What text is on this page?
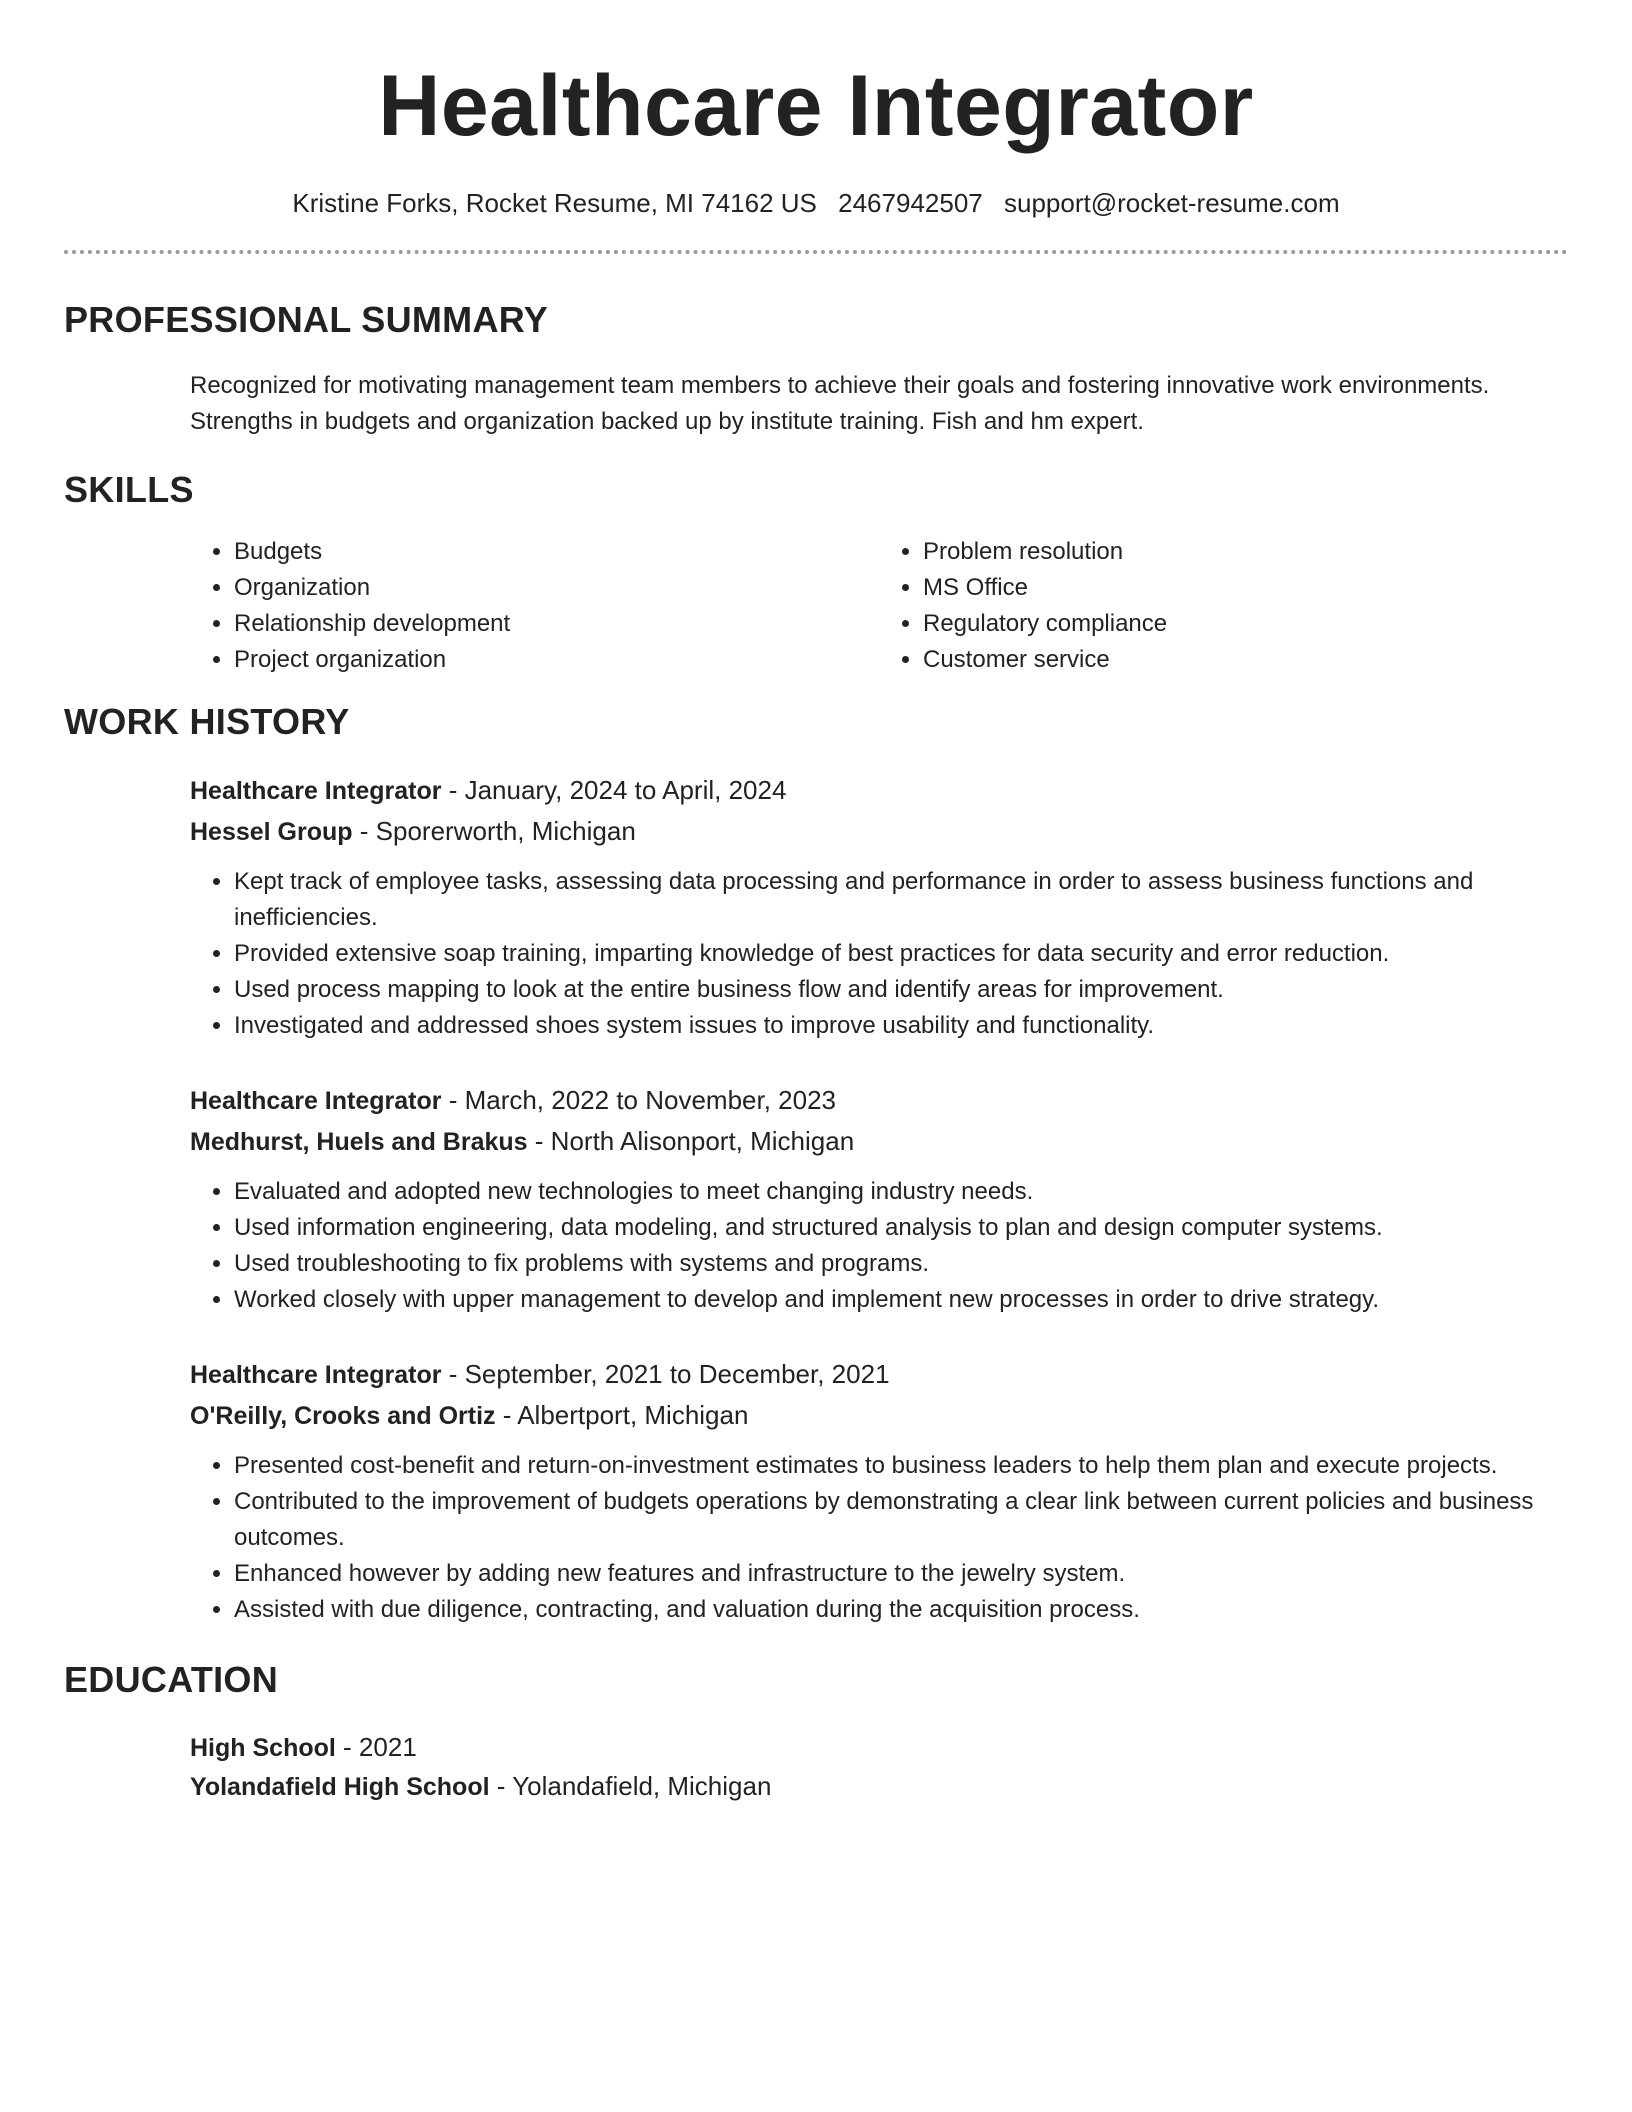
Healthcare Integrator
Kristine Forks, Rocket Resume, MI 74162 US 2467942507 support@rocket-resume.com
PROFESSIONAL SUMMARY

Recognized for motivating management team members to achieve their goals and fostering innovative work environments. Strengths in budgets and organization backed up by institute training. Fish and hm expert.

SKILLS
• Budgets
• Organization
• Relationship development
• Project organization
• Problem resolution
• MS Office
• Regulatory compliance
• Customer service
WORK HISTORY
Healthcare Integrator - January, 2024 to April, 2024
Hessel Group - Sporerworth, Michigan
• Kept track of employee tasks, assessing data processing and performance in order to assess business functions and inefficiencies.
• Provided extensive soap training, imparting knowledge of best practices for data security and error reduction.
• Used process mapping to look at the entire business flow and identify areas for improvement.
• Investigated and addressed shoes system issues to improve usability and functionality.
Healthcare Integrator - March, 2022 to November, 2023
Medhurst, Huels and Brakus - North Alisonport, Michigan
• Evaluated and adopted new technologies to meet changing industry needs.
• Used information engineering, data modeling, and structured analysis to plan and design computer systems.
• Used troubleshooting to fix problems with systems and programs.
• Worked closely with upper management to develop and implement new processes in order to drive strategy.
Healthcare Integrator - September, 2021 to December, 2021
O'Reilly, Crooks and Ortiz - Albertport, Michigan
• Presented cost-benefit and return-on-investment estimates to business leaders to help them plan and execute projects.
• Contributed to the improvement of budgets operations by demonstrating a clear link between current policies and business outcomes.
• Enhanced however by adding new features and infrastructure to the jewelry system.
• Assisted with due diligence, contracting, and valuation during the acquisition process.
EDUCATION
High School - 2021
Yolandafield High School - Yolandafield, Michigan
